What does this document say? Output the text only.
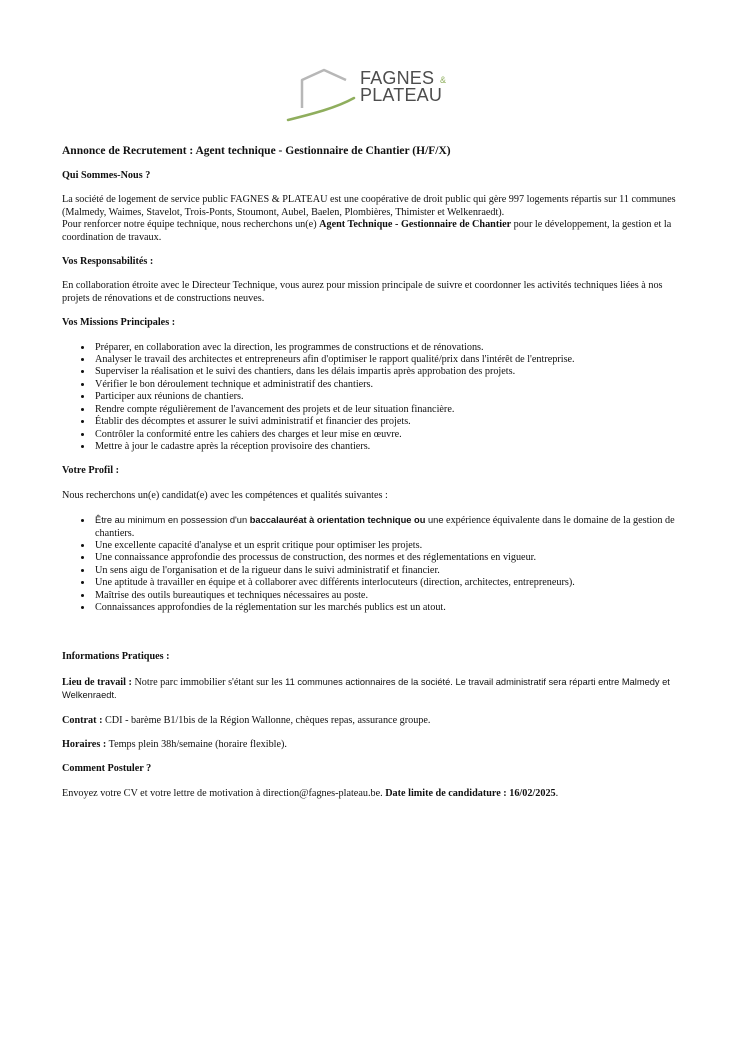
FAGNES &
PLATEAU
Annonce de Recrutement : Agent technique - Gestionnaire de Chantier (H/F/X)
Qui Sommes-Nous ?

La société de logement de service public FAGNES & PLATEAU est une coopérative de droit public qui gère 997 logements répartis sur 11 communes (Malmedy, Waimes, Stavelot, Trois-Ponts, Stoumont, Aubel, Baelen, Plombières, Thimister et Welkenraedt).
Pour renforcer notre équipe technique, nous recherchons un(e) Agent Technique - Gestionnaire de Chantier pour le développement, la gestion et la coordination de travaux.

Vos Responsabilités :

En collaboration étroite avec le Directeur Technique, vous aurez pour mission principale de suivre et coordonner les activités techniques liées à nos projets de rénovations et de constructions neuves.

Vos Missions Principales :
• Préparer, en collaboration avec la direction, les programmes de constructions et de rénovations.
• Analyser le travail des architectes et entrepreneurs afin d'optimiser le rapport qualité/prix dans l'intérêt de l'entreprise.
• Superviser la réalisation et le suivi des chantiers, dans les délais impartis après approbation des projets.
• Vérifier le bon déroulement technique et administratif des chantiers.
• Participer aux réunions de chantiers.
• Rendre compte régulièrement de l'avancement des projets et de leur situation financière.
• Établir des décomptes et assurer le suivi administratif et financier des projets.
• Contrôler la conformité entre les cahiers des charges et leur mise en œuvre.
• Mettre à jour le cadastre après la réception provisoire des chantiers.
Votre Profil :

Nous recherchons un(e) candidat(e) avec les compétences et qualités suivantes :

• Être au minimum en possession d'un baccalauréat à orientation technique ou une expérience équivalente dans le domaine de la gestion de chantiers.
• Une excellente capacité d'analyse et un esprit critique pour optimiser les projets.
• Une connaissance approfondie des processus de construction, des normes et des réglementations en vigueur.
• Un sens aigu de l'organisation et de la rigueur dans le suivi administratif et financier.
• Une aptitude à travailler en équipe et à collaborer avec différents interlocuteurs (direction, architectes, entrepreneurs).
• Maîtrise des outils bureautiques et techniques nécessaires au poste.
• Connaissances approfondies de la réglementation sur les marchés publics est un atout.
Informations Pratiques :

Lieu de travail : Notre parc immobilier s'étant sur les 11 communes actionnaires de la société. Le travail administratif sera réparti entre Malmedy et Welkenraedt.

Contrat : CDI - barème B1/1bis de la Région Wallonne, chèques repas, assurance groupe.

Horaires : Temps plein 38h/semaine (horaire flexible).

Comment Postuler ?

Envoyez votre CV et votre lettre de motivation à direction@fagnes-plateau.be. Date limite de candidature : 16/02/2025.
